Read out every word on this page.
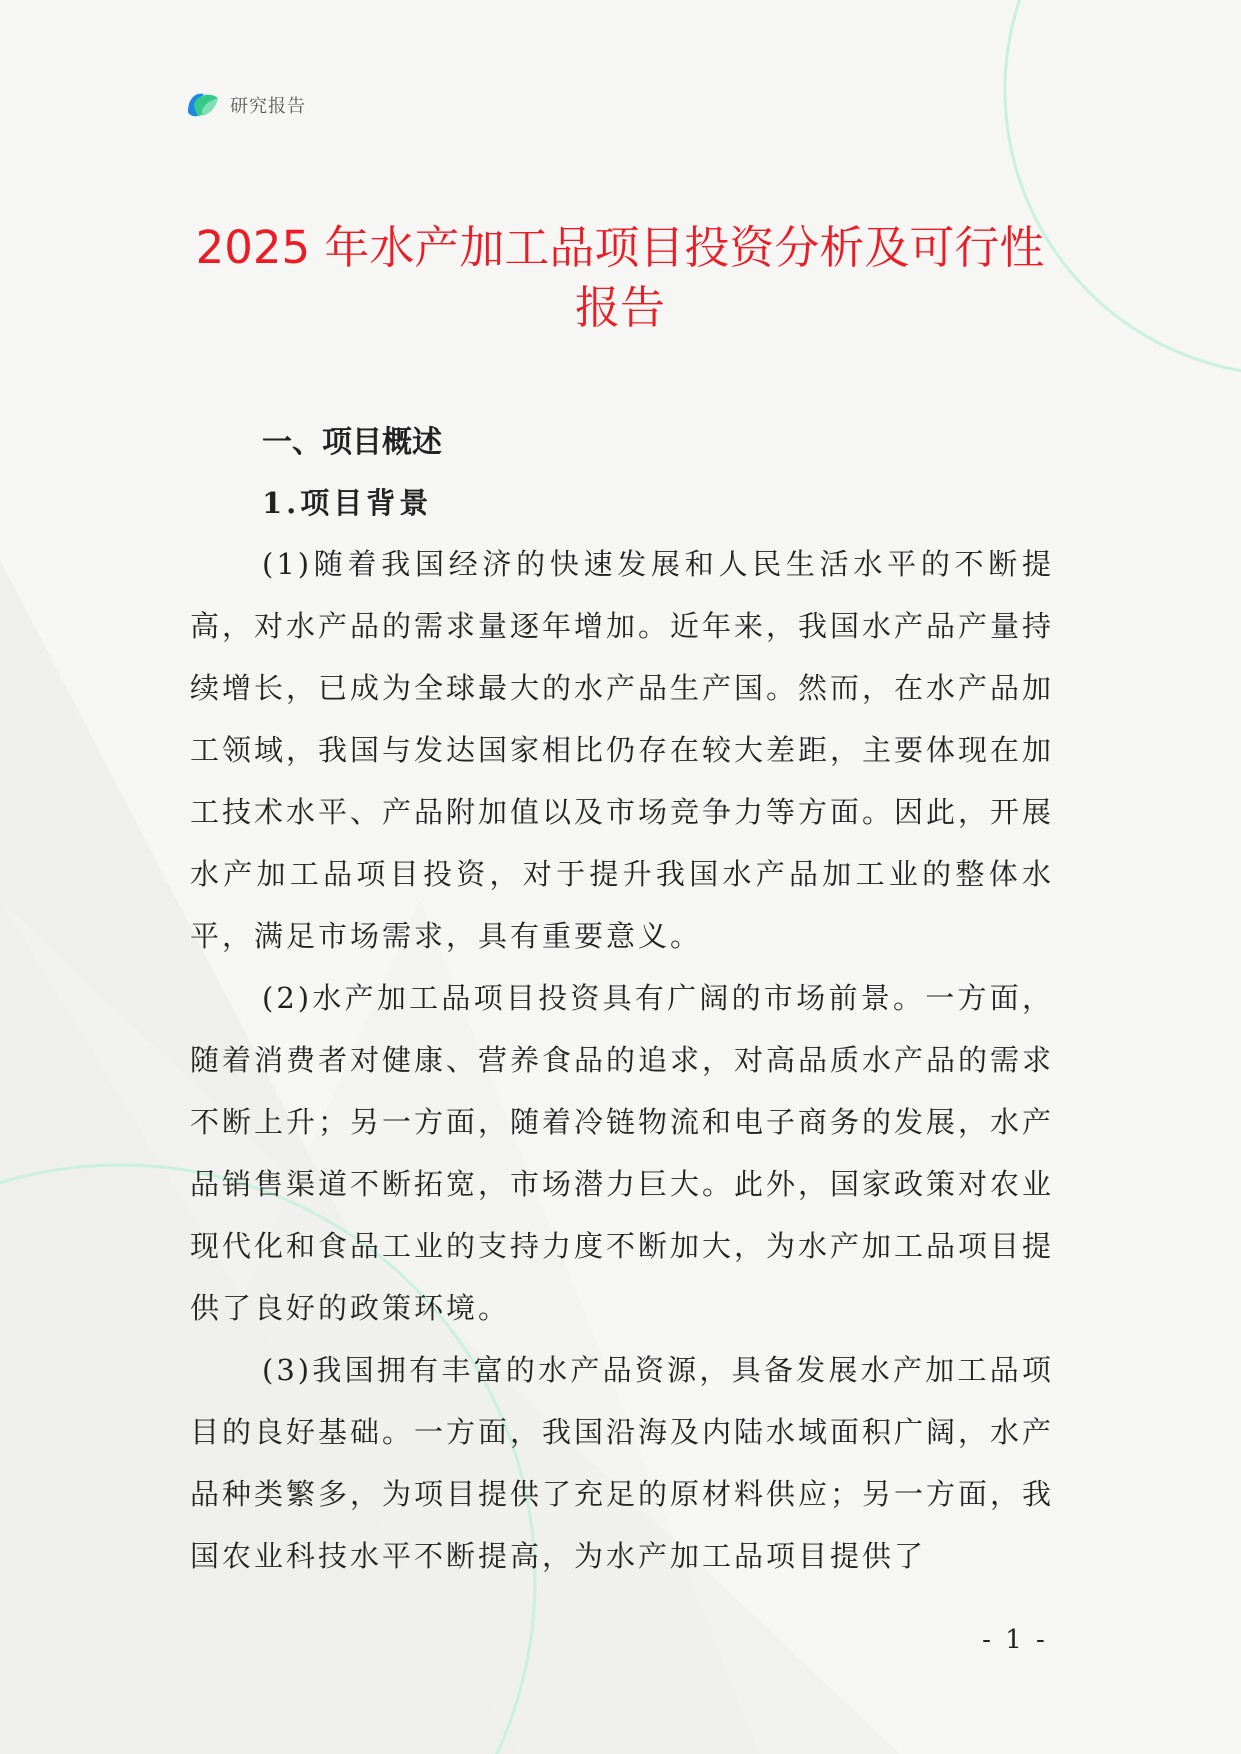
研究报告
2025 年水产加工品项目投资分析及可行性
报告
一、项目概述
1.项目背景

(1)随着我国经济的快速发展和人民生活水平的不断提高，对水产品的需求量逐年增加。近年来，我国水产品产量持续增长，已成为全球最大的水产品生产国。然而，在水产品加工领域，我国与发达国家相比仍存在较大差距，主要体现在加工技术水平、产品附加值以及市场竞争力等方面。因此，开展水产加工品项目投资，对于提升我国水产品加工业的整体水平，满足市场需求，具有重要意义。

(2)水产加工品项目投资具有广阔的市场前景。一方面，随着消费者对健康、营养食品的追求，对高品质水产品的需求不断上升；另一方面，随着冷链物流和电子商务的发展，水产品销售渠道不断拓宽，市场潜力巨大。此外，国家政策对农业现代化和食品工业的支持力度不断加大，为水产加工品项目提供了良好的政策环境。

(3)我国拥有丰富的水产品资源，具备发展水产加工品项目的良好基础。一方面，我国沿海及内陆水域面积广阔，水产品种类繁多，为项目提供了充足的原材料供应；另一方面，我国农业科技水平不断提高，为水产加工品项目提供了

- 1 -
